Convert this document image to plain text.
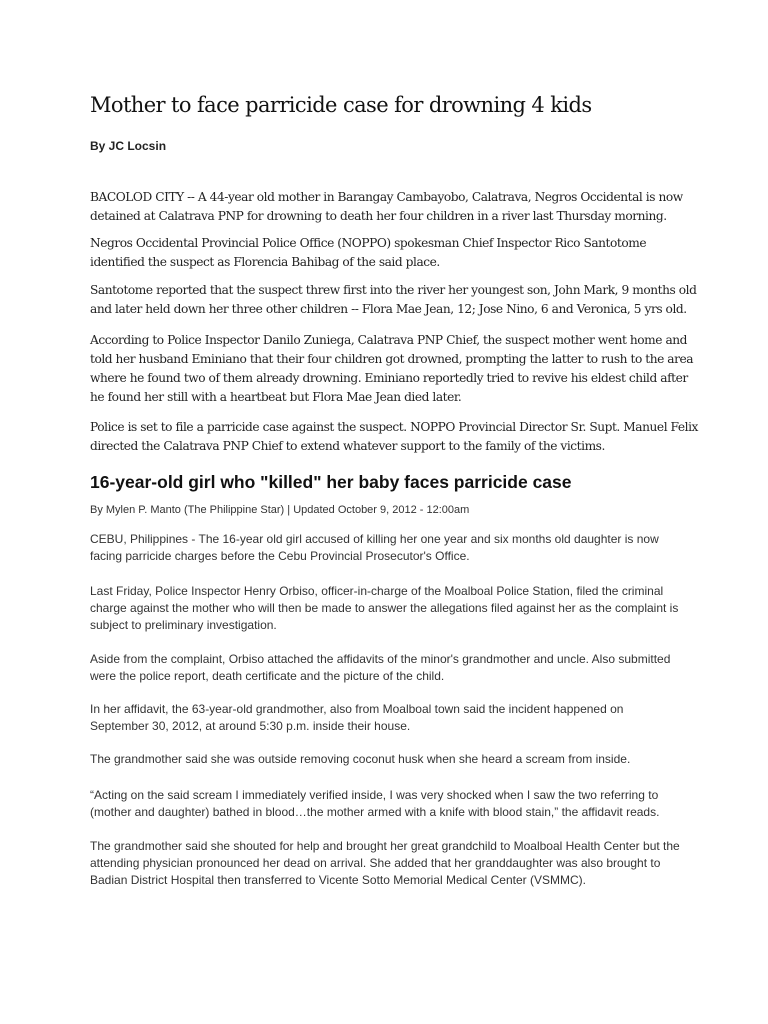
Mother to face parricide case for drowning 4 kids

By JC Locsin

BACOLOD CITY -- A 44-year old mother in Barangay Cambayobo, Calatrava, Negros Occidental is now
detained at Calatrava PNP for drowning to death her four children in a river last Thursday morning.

Negros Occidental Provincial Police Office (NOPPO) spokesman Chief Inspector Rico Santotome
identified the suspect as Florencia Bahibag of the said place.

Santotome reported that the suspect threw first into the river her youngest son, John Mark, 9 months old
and later held down her three other children -- Flora Mae Jean, 12; Jose Nino, 6 and Veronica, 5 yrs old.

According to Police Inspector Danilo Zuniega, Calatrava PNP Chief, the suspect mother went home and
told her husband Eminiano that their four children got drowned, prompting the latter to rush to the area
where he found two of them already drowning. Eminiano reportedly tried to revive his eldest child after
he found her still with a heartbeat but Flora Mae Jean died later.

Police is set to file a parricide case against the suspect. NOPPO Provincial Director Sr. Supt. Manuel Felix
directed the Calatrava PNP Chief to extend whatever support to the family of the victims.

16-year-old girl who "killed" her baby faces parricide case

By Mylen P. Manto (The Philippine Star) | Updated October 9, 2012 - 12:00am

CEBU, Philippines - The 16-year old girl accused of killing her one year and six months old daughter is now
facing parricide charges before the Cebu Provincial Prosecutor's Office.

Last Friday, Police Inspector Henry Orbiso, officer-in-charge of the Moalboal Police Station, filed the criminal
charge against the mother who will then be made to answer the allegations filed against her as the complaint is
subject to preliminary investigation.

Aside from the complaint, Orbiso attached the affidavits of the minor's grandmother and uncle. Also submitted
were the police report, death certificate and the picture of the child.

In her affidavit, the 63-year-old grandmother, also from Moalboal town said the incident happened on
September 30, 2012, at around 5:30 p.m. inside their house.

The grandmother said she was outside removing coconut husk when she heard a scream from inside.

“Acting on the said scream I immediately verified inside, I was very shocked when I saw the two referring to
(mother and daughter) bathed in blood…the mother armed with a knife with blood stain,” the affidavit reads.

The grandmother said she shouted for help and brought her great grandchild to Moalboal Health Center but the
attending physician pronounced her dead on arrival. She added that her granddaughter was also brought to
Badian District Hospital then transferred to Vicente Sotto Memorial Medical Center (VSMMC).
